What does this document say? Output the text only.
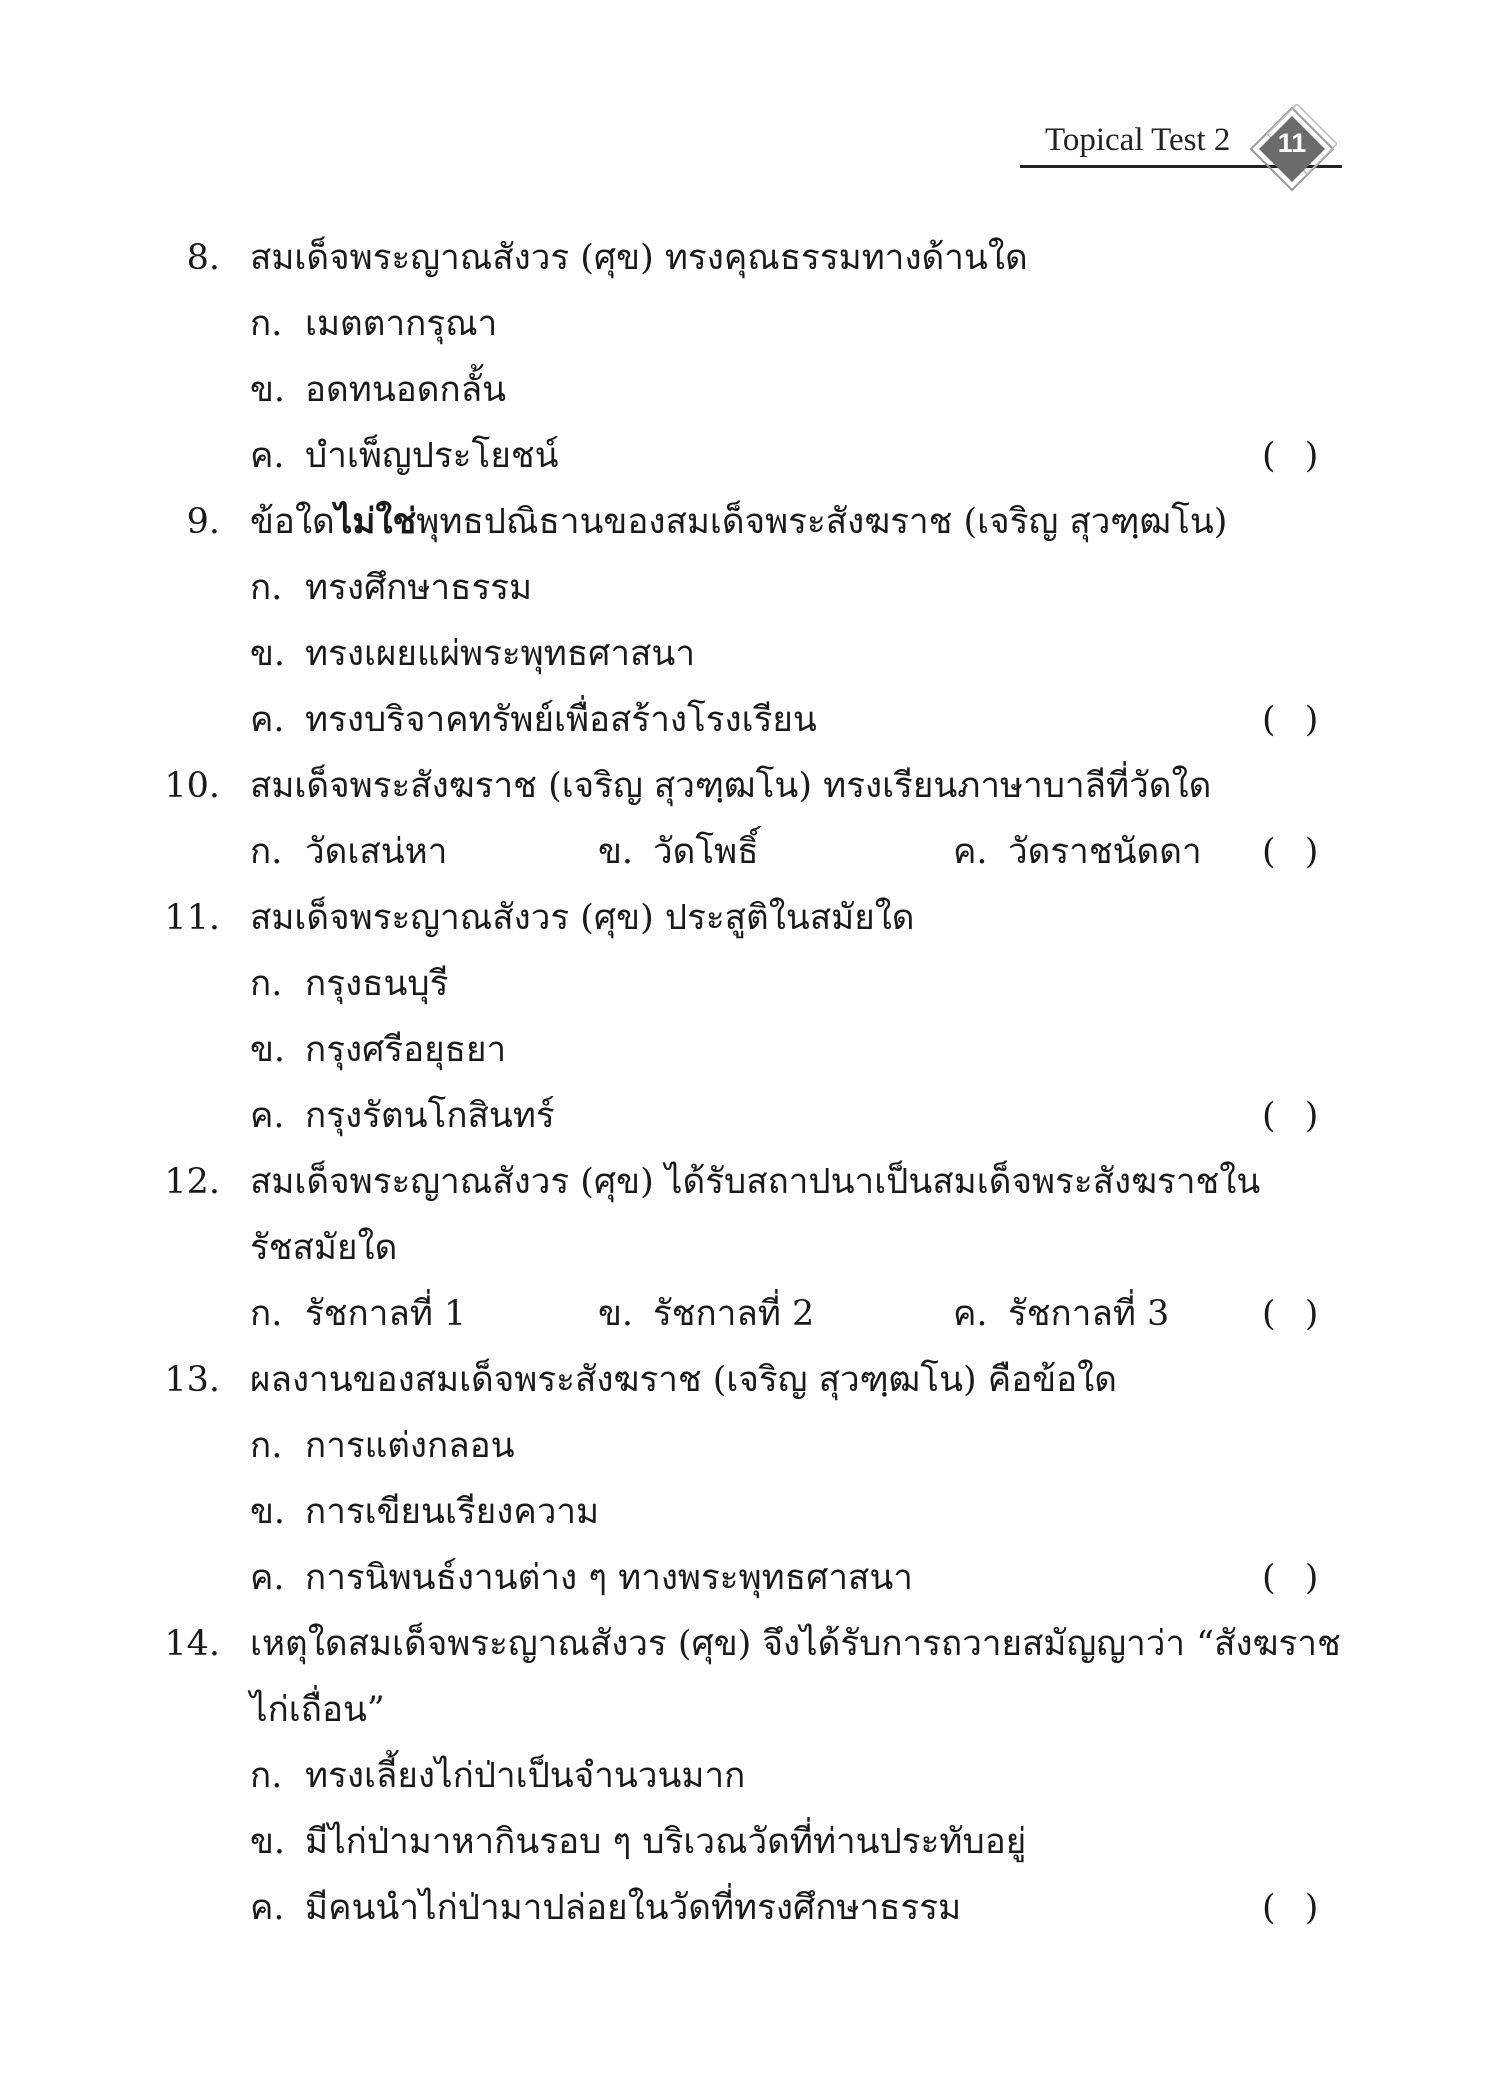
Topical Test 2	11
8. สมเด็จพระญาณสังวร (ศุข) ทรงคุณธรรมทางด้านใด
ก. เมตตากรุณา
ข. อดทนอดกลั้น
ค. บำเพ็ญประโยชน์	( )
9. ข้อใดไม่ใช่พุทธปณิธานของสมเด็จพระสังฆราช (เจริญ สุวฑฺฒโน)
ก. ทรงศึกษาธรรม
ข. ทรงเผยแผ่พระพุทธศาสนา
ค. ทรงบริจาคทรัพย์เพื่อสร้างโรงเรียน	( )
10. สมเด็จพระสังฆราช (เจริญ สุวฑฺฒโน) ทรงเรียนภาษาบาลีที่วัดใด
ก. วัดเสน่หา	ข. วัดโพธิ์	ค. วัดราชนัดดา ( )
11. สมเด็จพระญาณสังวร (ศุข) ประสูติในสมัยใด
ก. กรุงธนบุรี
ข. กรุงศรีอยุธยา
ค. กรุงรัตนโกสินทร์	( )
12. สมเด็จพระญาณสังวร (ศุข) ได้รับสถาปนาเป็นสมเด็จพระสังฆราชใน
รัชสมัยใด
ก. รัชกาลที่ 1	ข. รัชกาลที่ 2	ค. รัชกาลที่ 3	( )
13. ผลงานของสมเด็จพระสังฆราช (เจริญ สุวฑฺฒโน) คือข้อใด
ก. การแต่งกลอน
ข. การเขียนเรียงความ
ค. การนิพนธ์งานต่าง ๆ ทางพระพุทธศาสนา	( )
14. เหตุใดสมเด็จพระญาณสังวร (ศุข) จึงได้รับการถวายสมัญญาว่า “สังฆราช
ไก่เถื่อน”
ก. ทรงเลี้ยงไก่ป่าเป็นจำนวนมาก
ข. มีไก่ป่ามาหากินรอบ ๆ บริเวณวัดที่ท่านประทับอยู่
ค. มีคนนำไก่ป่ามาปล่อยในวัดที่ทรงศึกษาธรรม	( )
